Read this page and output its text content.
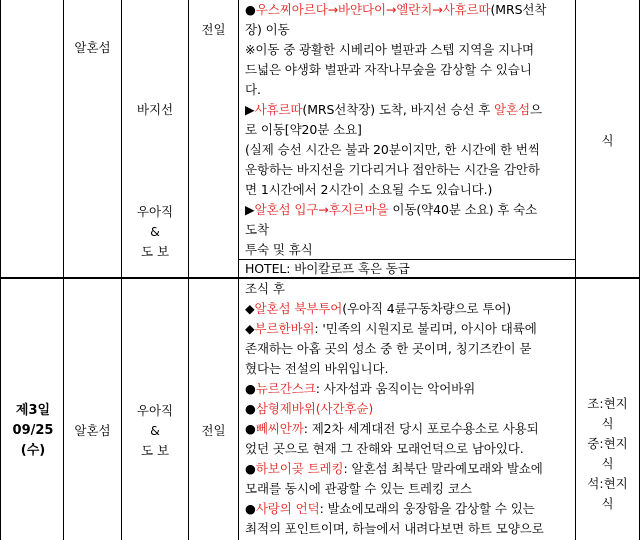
알혼섬
바지선
우아직
&
도 보
전일
●우스찌아르다→바얀다이→엘란치→사휴르따(MRS선착
장) 이동
※이동 중 광활한 시베리아 벌판과 스텝 지역을 지나며
드넓은 야생화 벌판과 자작나무숲을 감상할 수 있습니
다.
▶사휴르따(MRS선착장) 도착, 바지선 승선 후 알혼섬으
로 이동[약20분 소요]
(실제 승선 시간은 불과 20분이지만, 한 시간에 한 번씩
운항하는 바지선을 기다리거나 접안하는 시간을 감안하
면 1시간에서 2시간이 소요될 수도 있습니다.)
▶알혼섬 입구→후지르마을 이동(약40분 소요) 후 숙소
도착
투숙 및 휴식
HOTEL: 바이칼로프 혹은 동급
식
제3일
09/25
(수)
알혼섬
우아직
&
도 보
전일
조식 후
◆알혼섬 북부투어(우아직 4륜구동차량으로 투어)
◆부르한바위: '민족의 시원지로 불리며, 아시아 대륙에
존재하는 아홉 곳의 성소 중 한 곳이며, 칭기즈칸이 묻
혔다는 전설의 바위입니다.
●뉴르간스크: 사자섬과 움직이는 악어바위
●삼형제바위(사간후슌)
●뻬씨안까: 제2차 세계대전 당시 포로수용소로 사용되
었던 곳으로 현재 그 잔해와 모래언덕으로 남아있다.
●하보이곶 트레킹: 알혼섬 최북단 말라예모래와 발쇼에
모래를 동시에 관광할 수 있는 트레킹 코스
●사랑의 언덕: 발쇼에모래의 웅장함을 감상할 수 있는
최적의 포인트이며, 하늘에서 내려다보면 하트 모양으로
조:현지
식
중:현지
식
석:현지
식
